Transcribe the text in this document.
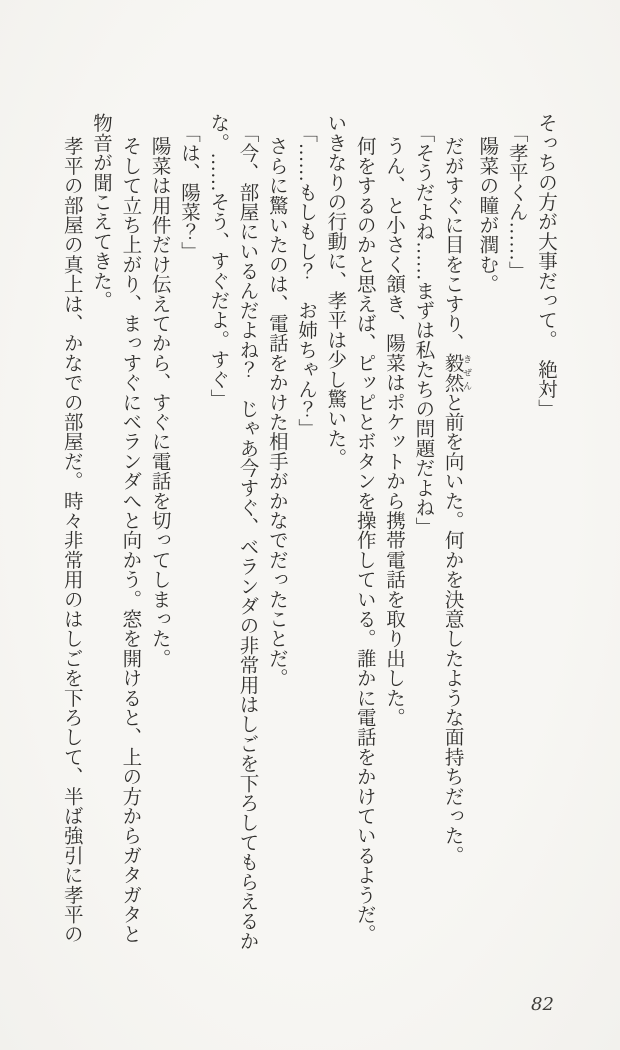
そっちの方が大事だって。　絶対」

「孝平くん……」

陽菜の瞳が潤む。

だがすぐに目をこすり、毅然 きぜんと前を向いた。何かを決意したような面持ちだった。

「そうだよね……まずは私たちの問題だよね」

うん、と小さく頷き、陽菜はポケットから携帯電話を取り出した。

何をするのかと思えば、ピッピとボタンを操作している。誰かに電話をかけているようだ。

いきなりの行動に、孝平は少し驚いた。

「……もしもし？　お姉ちゃん？」

さらに驚いたのは、電話をかけた相手がかなでだったことだ。

「今、部屋にいるんだよね？　じゃあ今すぐ、ベランダの非常用はしごを下ろしてもらえるか

な。……そう、すぐだよ。すぐ」

「は、陽菜？」

陽菜は用件だけ伝えてから、すぐに電話を切ってしまった。

そして立ち上がり、まっすぐにベランダへと向かう。窓を開けると、上の方からガタガタと

物音が聞こえてきた。

孝平の部屋の真上は、かなでの部屋だ。時々非常用のはしごを下ろして、半ば強引に孝平の

82
